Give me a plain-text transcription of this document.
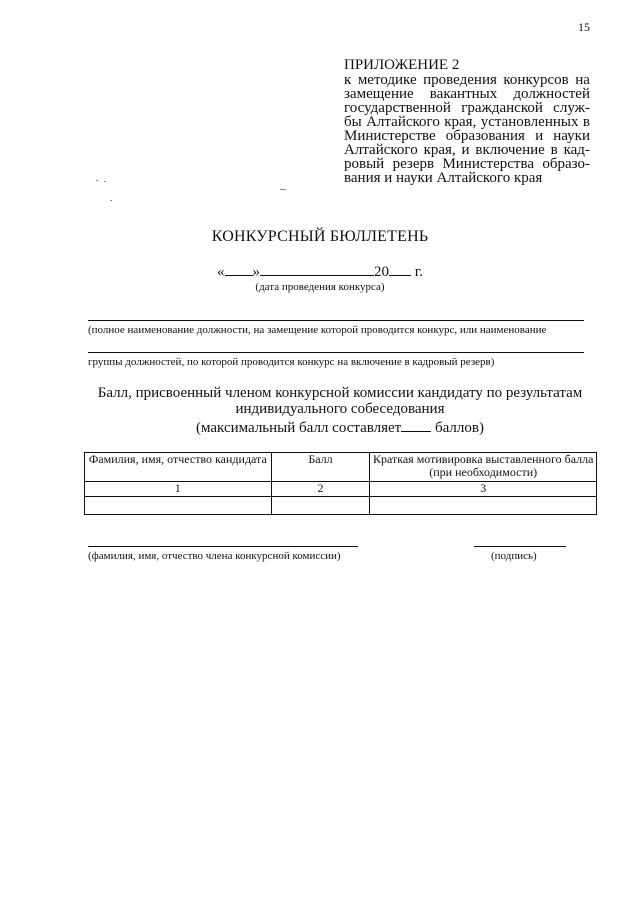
15
ПРИЛОЖЕНИЕ 2
к методике проведения конкурсов на
замещение вакантных должностей
государственной гражданской служ-
бы Алтайского края, установленных в
Министерстве образования и науки
Алтайского края, и включение в кад-
ровый резерв Министерства образо-
вания и науки Алтайского края
КОНКУРСНЫЙ БЮЛЛЕТЕНЬ
« »	20 г.
(дата проведения конкурса)
(полное наименование должности, на замещение которой проводится конкурс, или наименование
группы должностей, по которой проводится конкурс на включение в кадровый резерв)
Балл, присвоенный членом конкурсной комиссии кандидату по результатам
индивидуального собеседования
(максимальный балл составляет баллов)
Фамилия, имя, отчество кандидата	Балл	Краткая мотивировка выставленного балла (при необходимости)
1	2	3

(фамилия, имя, отчество члена конкурсной комиссии)	(подпись)
